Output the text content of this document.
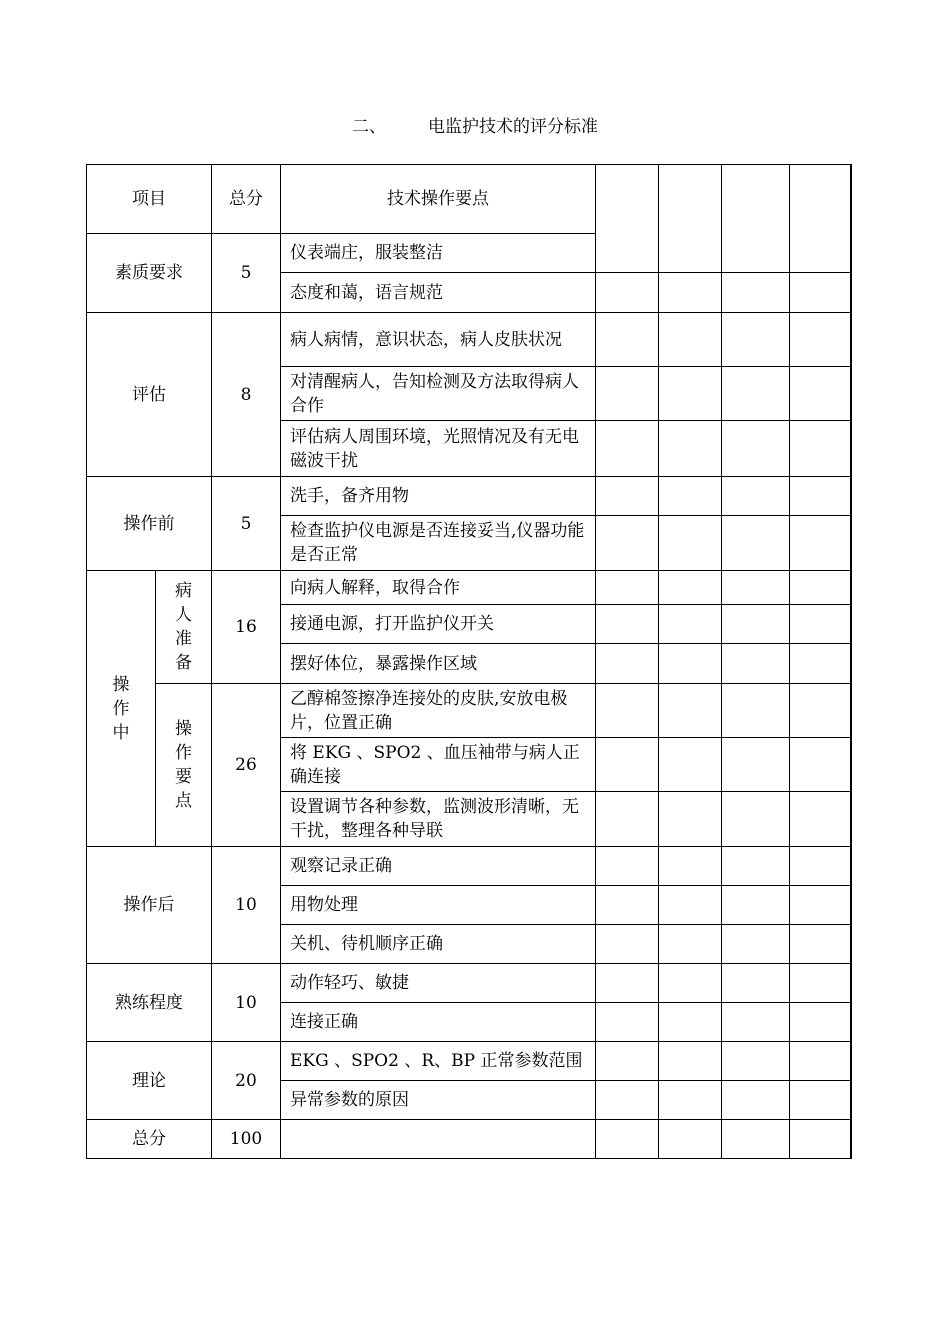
二、 电监护技术的评分标准
项目		总分	技术操作要点				
素质要求		5	仪表端庄，服装整洁				
			态度和蔼，语言规范				
评估		8	病人病情，意识状态，病人皮肤状况				
			对清醒病人，告知检测及方法取得病人合作				
			评估病人周围环境，光照情况及有无电磁波干扰				
操作前		5	洗手，备齐用物				
			检查监护仪电源是否连接妥当,仪器功能是否正常				
操作中	病人准备	16	向病人解释，取得合作				
			接通电源，打开监护仪开关				
			摆好体位，暴露操作区域				
	操作要点	26	乙醇棉签擦净连接处的皮肤,安放电极片，位置正确				
			将 EKG 、SPO2 、血压袖带与病人正确连接				
			设置调节各种参数，监测波形清晰，无干扰，整理各种导联				
操作后		10	观察记录正确				
			用物处理				
			关机、待机顺序正确				
熟练程度		10	动作轻巧、敏捷				
			连接正确				
理论		20	EKG 、SPO2 、R、BP 正常参数范围				
			异常参数的原因				
总分		100					
